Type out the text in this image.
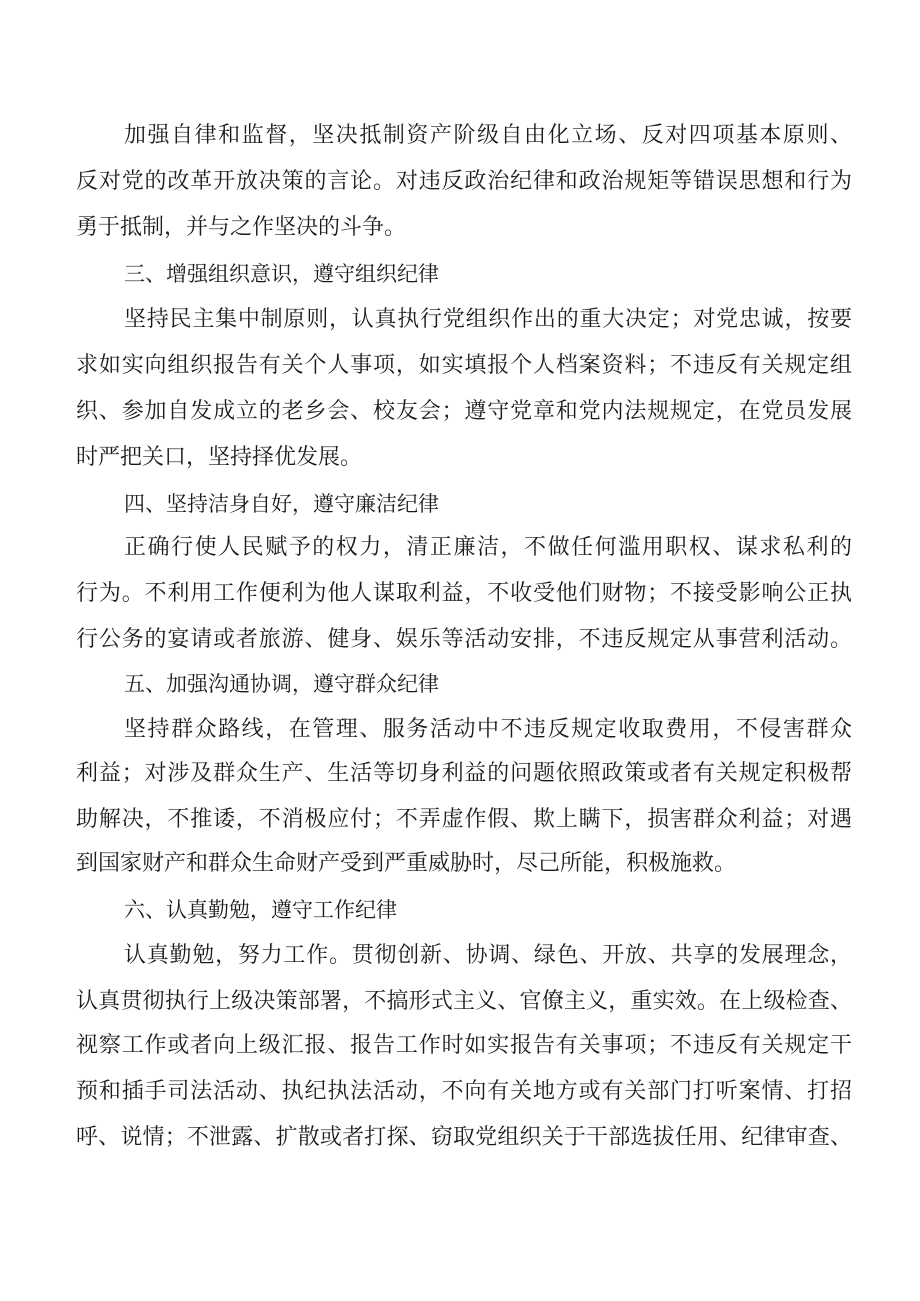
加强自律和监督，坚决抵制资产阶级自由化立场、反对四项基本原则、
反对党的改革开放决策的言论。对违反政治纪律和政治规矩等错误思想和行为
勇于抵制，并与之作坚决的斗争。
三、增强组织意识，遵守组织纪律
坚持民主集中制原则，认真执行党组织作出的重大决定；对党忠诚，按要
求如实向组织报告有关个人事项，如实填报个人档案资料；不违反有关规定组
织、参加自发成立的老乡会、校友会；遵守党章和党内法规规定，在党员发展
时严把关口，坚持择优发展。
四、坚持洁身自好，遵守廉洁纪律
正确行使人民赋予的权力，清正廉洁，不做任何滥用职权、谋求私利的
行为。不利用工作便利为他人谋取利益，不收受他们财物；不接受影响公正执
行公务的宴请或者旅游、健身、娱乐等活动安排，不违反规定从事营利活动。
五、加强沟通协调，遵守群众纪律
坚持群众路线，在管理、服务活动中不违反规定收取费用，不侵害群众
利益；对涉及群众生产、生活等切身利益的问题依照政策或者有关规定积极帮
助解决，不推诿，不消极应付；不弄虚作假、欺上瞒下，损害群众利益；对遇
到国家财产和群众生命财产受到严重威胁时，尽己所能，积极施救。
六、认真勤勉，遵守工作纪律
认真勤勉，努力工作。贯彻创新、协调、绿色、开放、共享的发展理念，
认真贯彻执行上级决策部署，不搞形式主义、官僚主义，重实效。在上级检查、
视察工作或者向上级汇报、报告工作时如实报告有关事项；不违反有关规定干
预和插手司法活动、执纪执法活动，不向有关地方或有关部门打听案情、打招
呼、说情；不泄露、扩散或者打探、窃取党组织关于干部选拔任用、纪律审查、
